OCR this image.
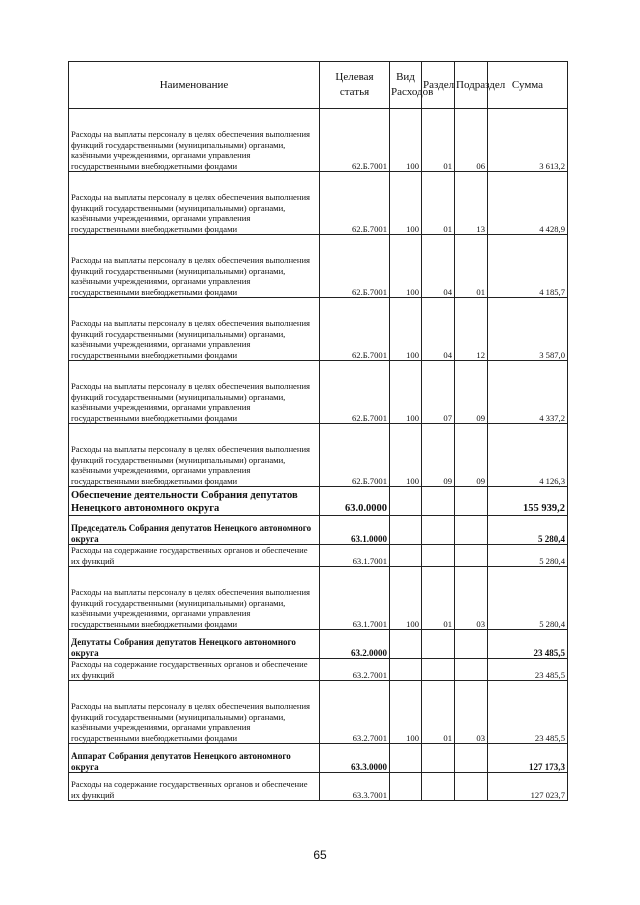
Наименование	Целевая статья	Вид Расходов	Раздел	Подраздел	Сумма
Расходы на выплаты персоналу в целях обеспечения выполнения функций государственными (муниципальными) органами, казёнными учреждениями, органами управления государственными внебюджетными фондами	62.Б.7001	100	01	06	3 613,2
Расходы на выплаты персоналу в целях обеспечения выполнения функций государственными (муниципальными) органами, казёнными учреждениями, органами управления государственными внебюджетными фондами	62.Б.7001	100	01	13	4 428,9
Расходы на выплаты персоналу в целях обеспечения выполнения функций государственными (муниципальными) органами, казёнными учреждениями, органами управления государственными внебюджетными фондами	62.Б.7001	100	04	01	4 185,7
Расходы на выплаты персоналу в целях обеспечения выполнения функций государственными (муниципальными) органами, казёнными учреждениями, органами управления государственными внебюджетными фондами	62.Б.7001	100	04	12	3 587,0
Расходы на выплаты персоналу в целях обеспечения выполнения функций государственными (муниципальными) органами, казёнными учреждениями, органами управления государственными внебюджетными фондами	62.Б.7001	100	07	09	4 337,2
Расходы на выплаты персоналу в целях обеспечения выполнения функций государственными (муниципальными) органами, казёнными учреждениями, органами управления государственными внебюджетными фондами	62.Б.7001	100	09	09	4 126,3
Обеспечение деятельности Собрания депутатов Ненецкого автономного округа	63.0.0000				155 939,2
Председатель Собрания депутатов Ненецкого автономного округа	63.1.0000				5 280,4
Расходы на содержание государственных органов и обеспечение их функций	63.1.7001				5 280,4
Расходы на выплаты персоналу в целях обеспечения выполнения функций государственными (муниципальными) органами, казёнными учреждениями, органами управления государственными внебюджетными фондами	63.1.7001	100	01	03	5 280,4
Депутаты Собрания депутатов Ненецкого автономного округа	63.2.0000				23 485,5
Расходы на содержание государственных органов и обеспечение их функций	63.2.7001				23 485,5
Расходы на выплаты персоналу в целях обеспечения выполнения функций государственными (муниципальными) органами, казёнными учреждениями, органами управления государственными внебюджетными фондами	63.2.7001	100	01	03	23 485,5
Аппарат Собрания депутатов Ненецкого автономного округа	63.3.0000				127 173,3
Расходы на содержание государственных органов и обеспечение их функций	63.3.7001				127 023,7
65
